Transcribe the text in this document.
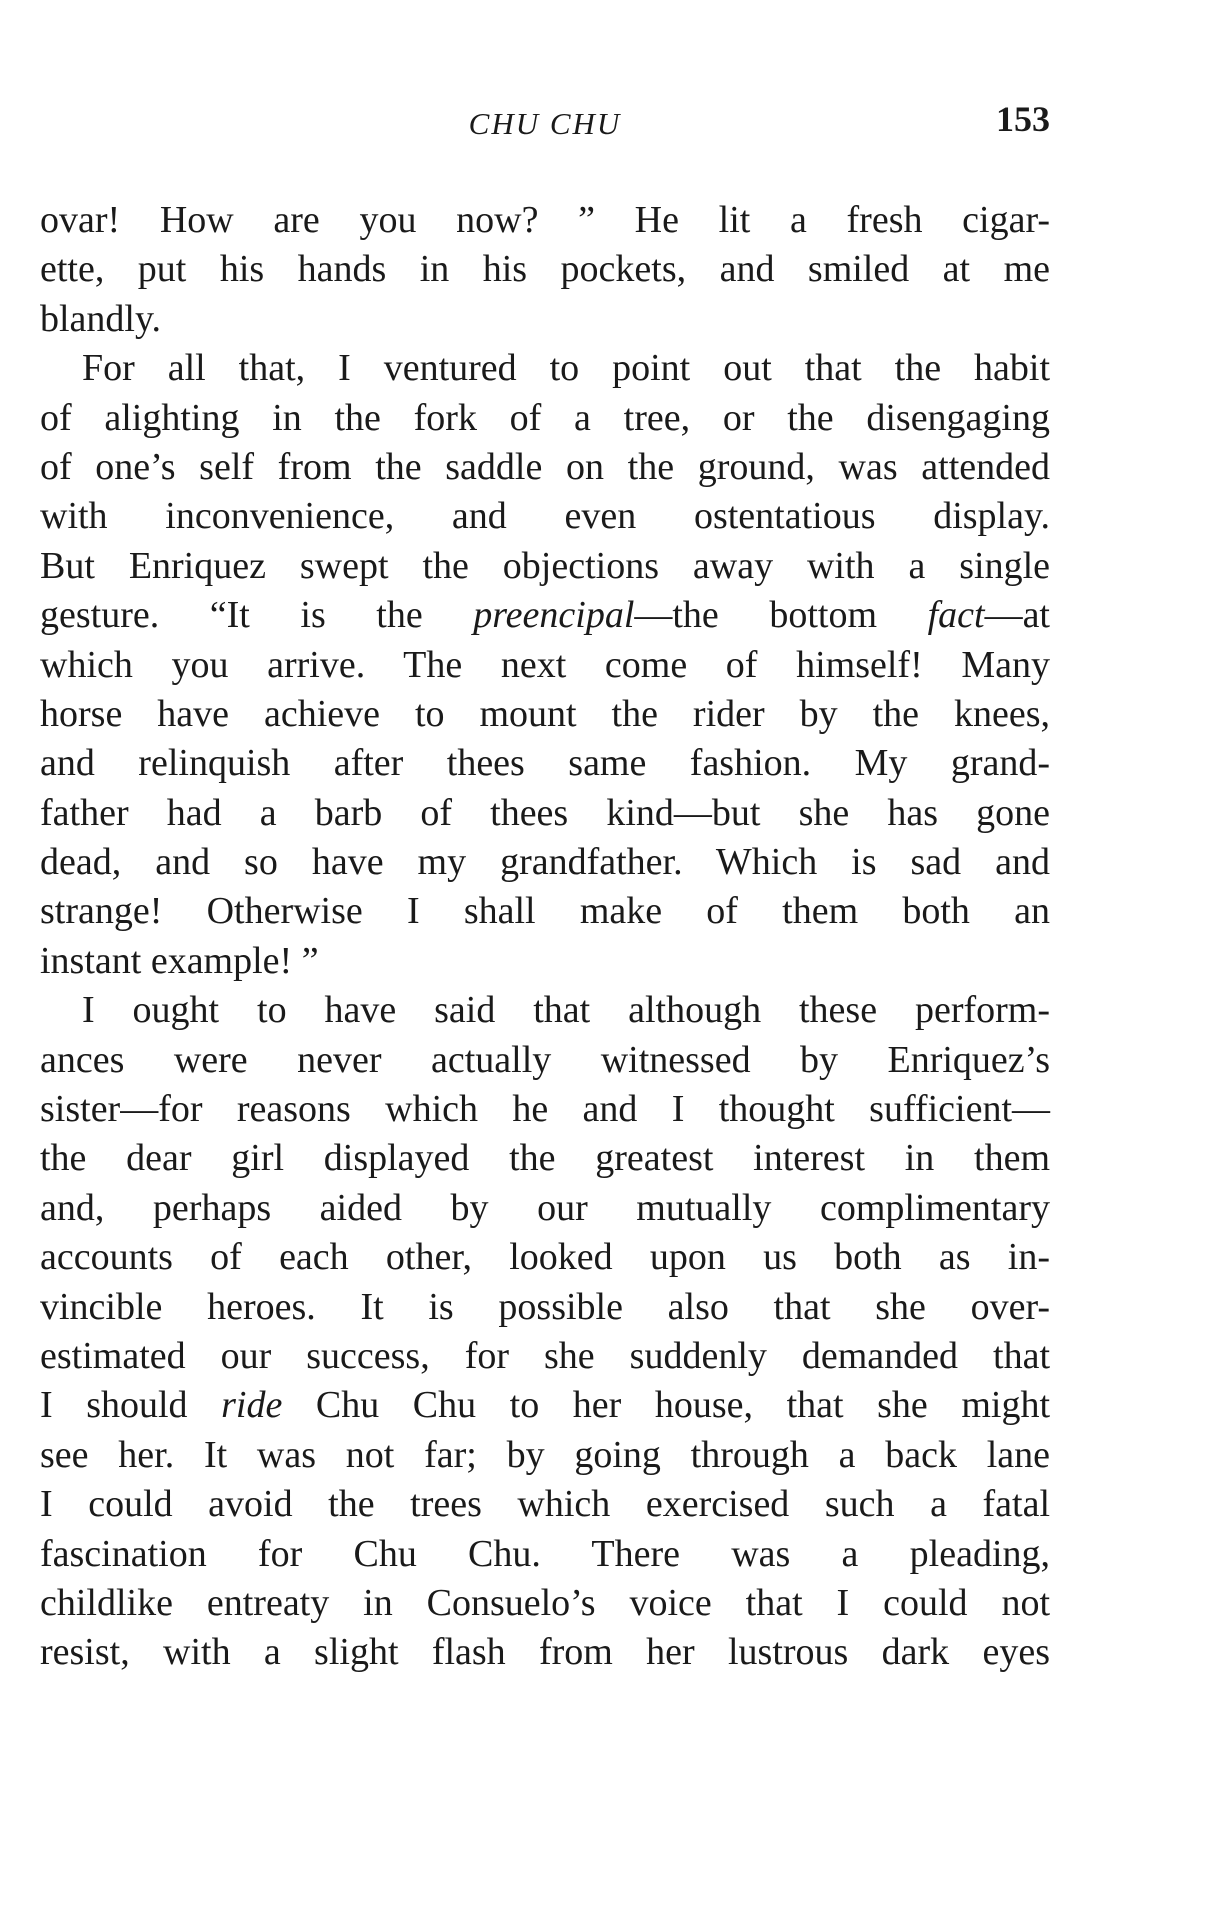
CHU CHU	153
ovar! How are you now? ” He lit a fresh cigar-
ette, put his hands in his pockets, and smiled at me
blandly.
For all that, I ventured to point out that the habit
of alighting in the fork of a tree, or the disengaging
of one’s self from the saddle on the ground, was attended
with inconvenience, and even ostentatious display.
But Enriquez swept the objections away with a single
gesture. “It is the preencipal—the bottom fact—at
which you arrive. The next come of himself! Many
horse have achieve to mount the rider by the knees,
and relinquish after thees same fashion. My grand-
father had a barb of thees kind—but she has gone
dead, and so have my grandfather. Which is sad and
strange! Otherwise I shall make of them both an
instant example! ”
I ought to have said that although these perform-
ances were never actually witnessed by Enriquez’s
sister—for reasons which he and I thought sufficient—
the dear girl displayed the greatest interest in them
and, perhaps aided by our mutually complimentary
accounts of each other, looked upon us both as in-
vincible heroes. It is possible also that she over-
estimated our success, for she suddenly demanded that
I should ride Chu Chu to her house, that she might
see her. It was not far; by going through a back lane
I could avoid the trees which exercised such a fatal
fascination for Chu Chu. There was a pleading,
childlike entreaty in Consuelo’s voice that I could not
resist, with a slight flash from her lustrous dark eyes
